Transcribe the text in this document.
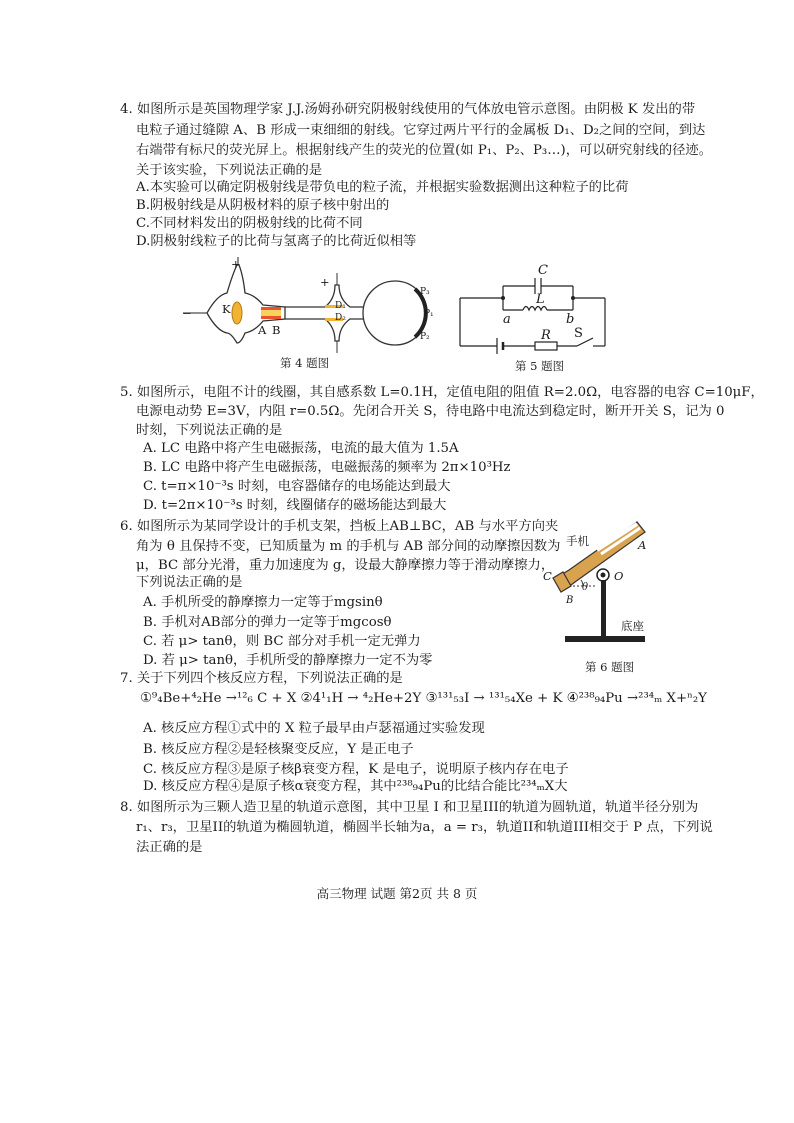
4. 如图所示是英国物理学家 J.J.汤姆孙研究阴极射线使用的气体放电管示意图。由阴极 K 发出的带
电粒子通过缝隙 A、B 形成一束细细的射线。它穿过两片平行的金属板 D₁、D₂之间的空间，到达
右端带有标尺的荧光屏上。根据射线产生的荧光的位置(如 P₁、P₂、P₃…)，可以研究射线的径迹。
关于该实验，下列说法正确的是
A.本实验可以确定阴极射线是带负电的粒子流，并根据实验数据测出这种粒子的比荷
B.阴极射线是从阴极材料的原子核中射出的
C.不同材料发出的阴极射线的比荷不同
D.阴极射线粒子的比荷与氢离子的比荷近似相等
−
+
+
K
A B
D₁
D₂
P₃
P₁
P₂
第 4 题图
C
L
a	b
R S
第 5 题图
5. 如图所示，电阻不计的线圈，其自感系数 L=0.1H，定值电阻的阻值 R=2.0Ω，电容器的电容 C=10μF，
电源电动势 E=3V，内阻 r=0.5Ω。先闭合开关 S，待电路中电流达到稳定时，断开开关 S，记为 0
时刻，下列说法正确的是
A. LC 电路中将产生电磁振荡，电流的最大值为 1.5A
B. LC 电路中将产生电磁振荡，电磁振荡的频率为 2π×10³Hz
C. t=π×10⁻³s 时刻，电容器储存的电场能达到最大
D. t=2π×10⁻³s 时刻，线圈储存的磁场能达到最大
6. 如图所示为某同学设计的手机支架，挡板上AB⊥BC，AB 与水平方向夹
角为 θ 且保持不变，已知质量为 m 的手机与 AB 部分间的动摩擦因数为
μ，BC 部分光滑，重力加速度为 g，设最大静摩擦力等于滑动摩擦力，
下列说法正确的是
A. 手机所受的静摩擦力一定等于mgsinθ
B. 手机对AB部分的弹力一定等于mgcosθ
C. 若 μ> tanθ，则 BC 部分对手机一定无弹力
D. 若 μ> tanθ，手机所受的静摩擦力一定不为零
手机	A
C
B
O
θ
底座
第 6 题图
7. 关于下列四个核反应方程，下列说法正确的是
①⁹₄Be+⁴₂He →¹²₆ C + X ②4¹₁H → ⁴₂He+2Y ③¹³¹₅₃I → ¹³¹₅₄Xe + K ④²³⁸₉₄Pu →²³⁴ₘ X+ⁿ₂Y
A. 核反应方程①式中的 X 粒子最早由卢瑟福通过实验发现
B. 核反应方程②是轻核聚变反应，Y 是正电子
C. 核反应方程③是原子核β衰变方程，K 是电子，说明原子核内存在电子
D. 核反应方程④是原子核α衰变方程，其中²³⁸₉₄Pu的比结合能比²³⁴ₘX大
8. 如图所示为三颗人造卫星的轨道示意图，其中卫星 I 和卫星III的轨道为圆轨道，轨道半径分别为
r₁、r₃，卫星II的轨道为椭圆轨道，椭圆半长轴为a，a = r₃，轨道II和轨道III相交于 P 点，下列说
法正确的是
高三物理 试题 第2页 共 8 页
